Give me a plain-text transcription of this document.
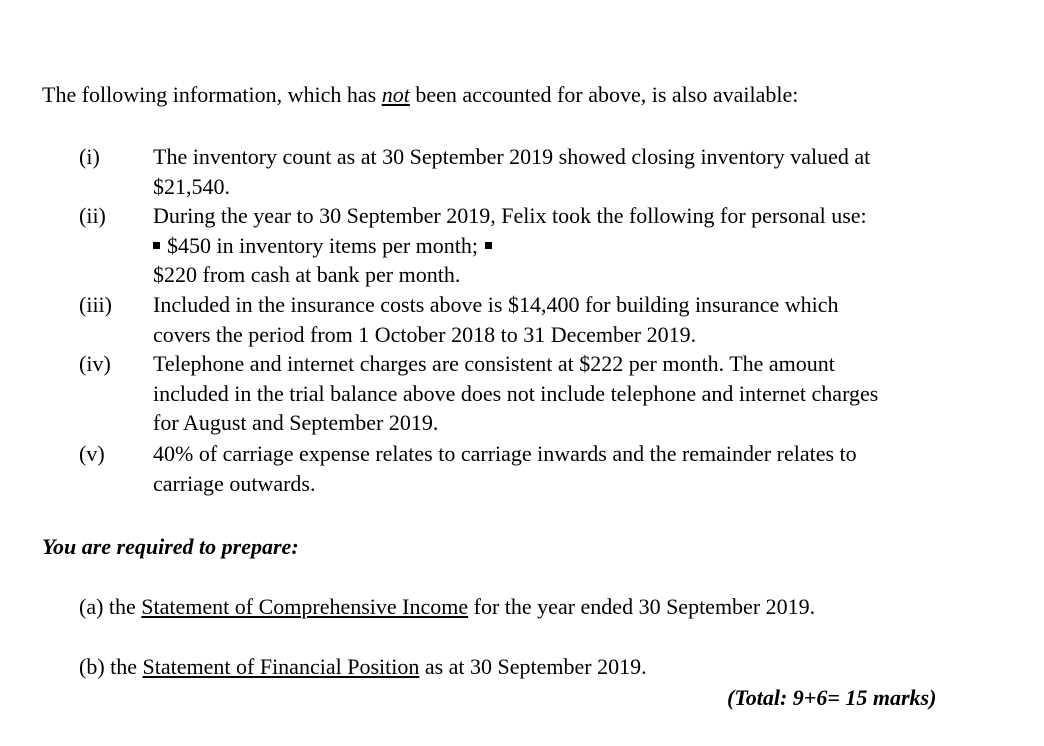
The following information, which has not been accounted for above, is also available:
(i) The inventory count as at 30 September 2019 showed closing inventory valued at
$21,540.
(ii) During the year to 30 September 2019, Felix took the following for personal use:
$450 in inventory items per month;
$220 from cash at bank per month.
(iii) Included in the insurance costs above is $14,400 for building insurance which
covers the period from 1 October 2018 to 31 December 2019.
(iv) Telephone and internet charges are consistent at $222 per month. The amount
included in the trial balance above does not include telephone and internet charges
for August and September 2019.
(v) 40% of carriage expense relates to carriage inwards and the remainder relates to
carriage outwards.
You are required to prepare:
(a) the Statement of Comprehensive Income for the year ended 30 September 2019.
(b) the Statement of Financial Position as at 30 September 2019.
(Total: 9+6= 15 marks)
